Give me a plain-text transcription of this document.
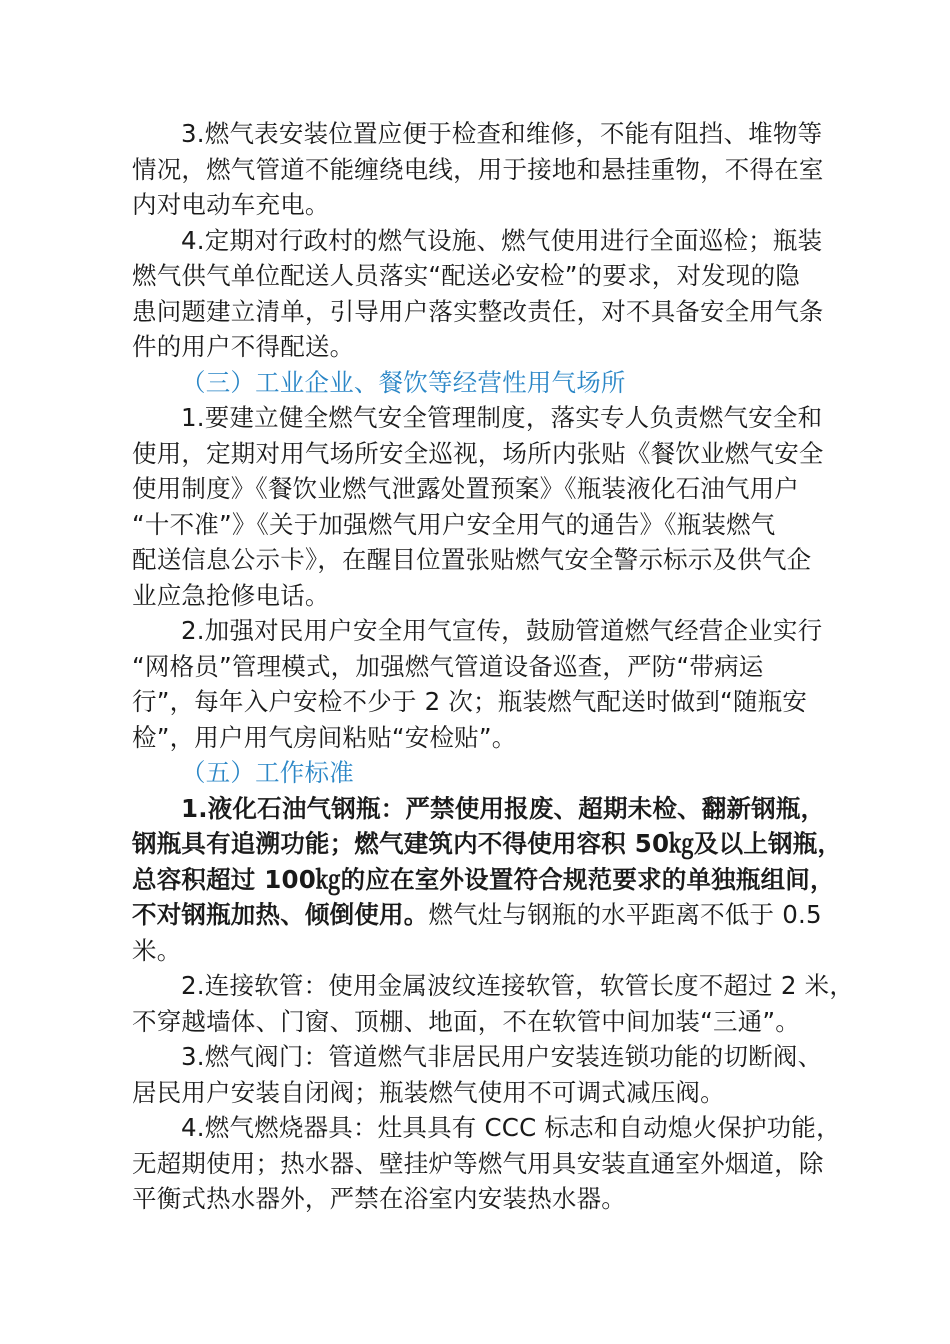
3.燃气表安装位置应便于检查和维修，不能有阻挡、堆物等
情况，燃气管道不能缠绕电线，用于接地和悬挂重物，不得在室
内对电动车充电。
4.定期对行政村的燃气设施、燃气使用进行全面巡检；瓶装
燃气供气单位配送人员落实“配送必安检”的要求，对发现的隐
患问题建立清单，引导用户落实整改责任，对不具备安全用气条
件的用户不得配送。
（三）工业企业、餐饮等经营性用气场所
1.要建立健全燃气安全管理制度，落实专人负责燃气安全和
使用，定期对用气场所安全巡视，场所内张贴《餐饮业燃气安全
使用制度》《餐饮业燃气泄露处置预案》《瓶装液化石油气用户
“十不准”》《关于加强燃气用户安全用气的通告》《瓶装燃气
配送信息公示卡》，在醒目位置张贴燃气安全警示标示及供气企
业应急抢修电话。
2.加强对民用户安全用气宣传，鼓励管道燃气经营企业实行
“网格员”管理模式，加强燃气管道设备巡查，严防“带病运
行”，每年入户安检不少于 2 次；瓶装燃气配送时做到“随瓶安
检”，用户用气房间粘贴“安检贴”。
（五）工作标准
1.液化石油气钢瓶：严禁使用报废、超期未检、翻新钢瓶，
钢瓶具有追溯功能；燃气建筑内不得使用容积 50㎏及以上钢瓶，
总容积超过 100㎏的应在室外设置符合规范要求的单独瓶组间，
不对钢瓶加热、倾倒使用。燃气灶与钢瓶的水平距离不低于 0.5
米。
2.连接软管：使用金属波纹连接软管，软管长度不超过 2 米，
不穿越墙体、门窗、顶棚、地面，不在软管中间加装“三通”。
3.燃气阀门：管道燃气非居民用户安装连锁功能的切断阀、
居民用户安装自闭阀；瓶装燃气使用不可调式减压阀。
4.燃气燃烧器具：灶具具有 CCC 标志和自动熄火保护功能，
无超期使用；热水器、壁挂炉等燃气用具安装直通室外烟道，除
平衡式热水器外，严禁在浴室内安装热水器。
